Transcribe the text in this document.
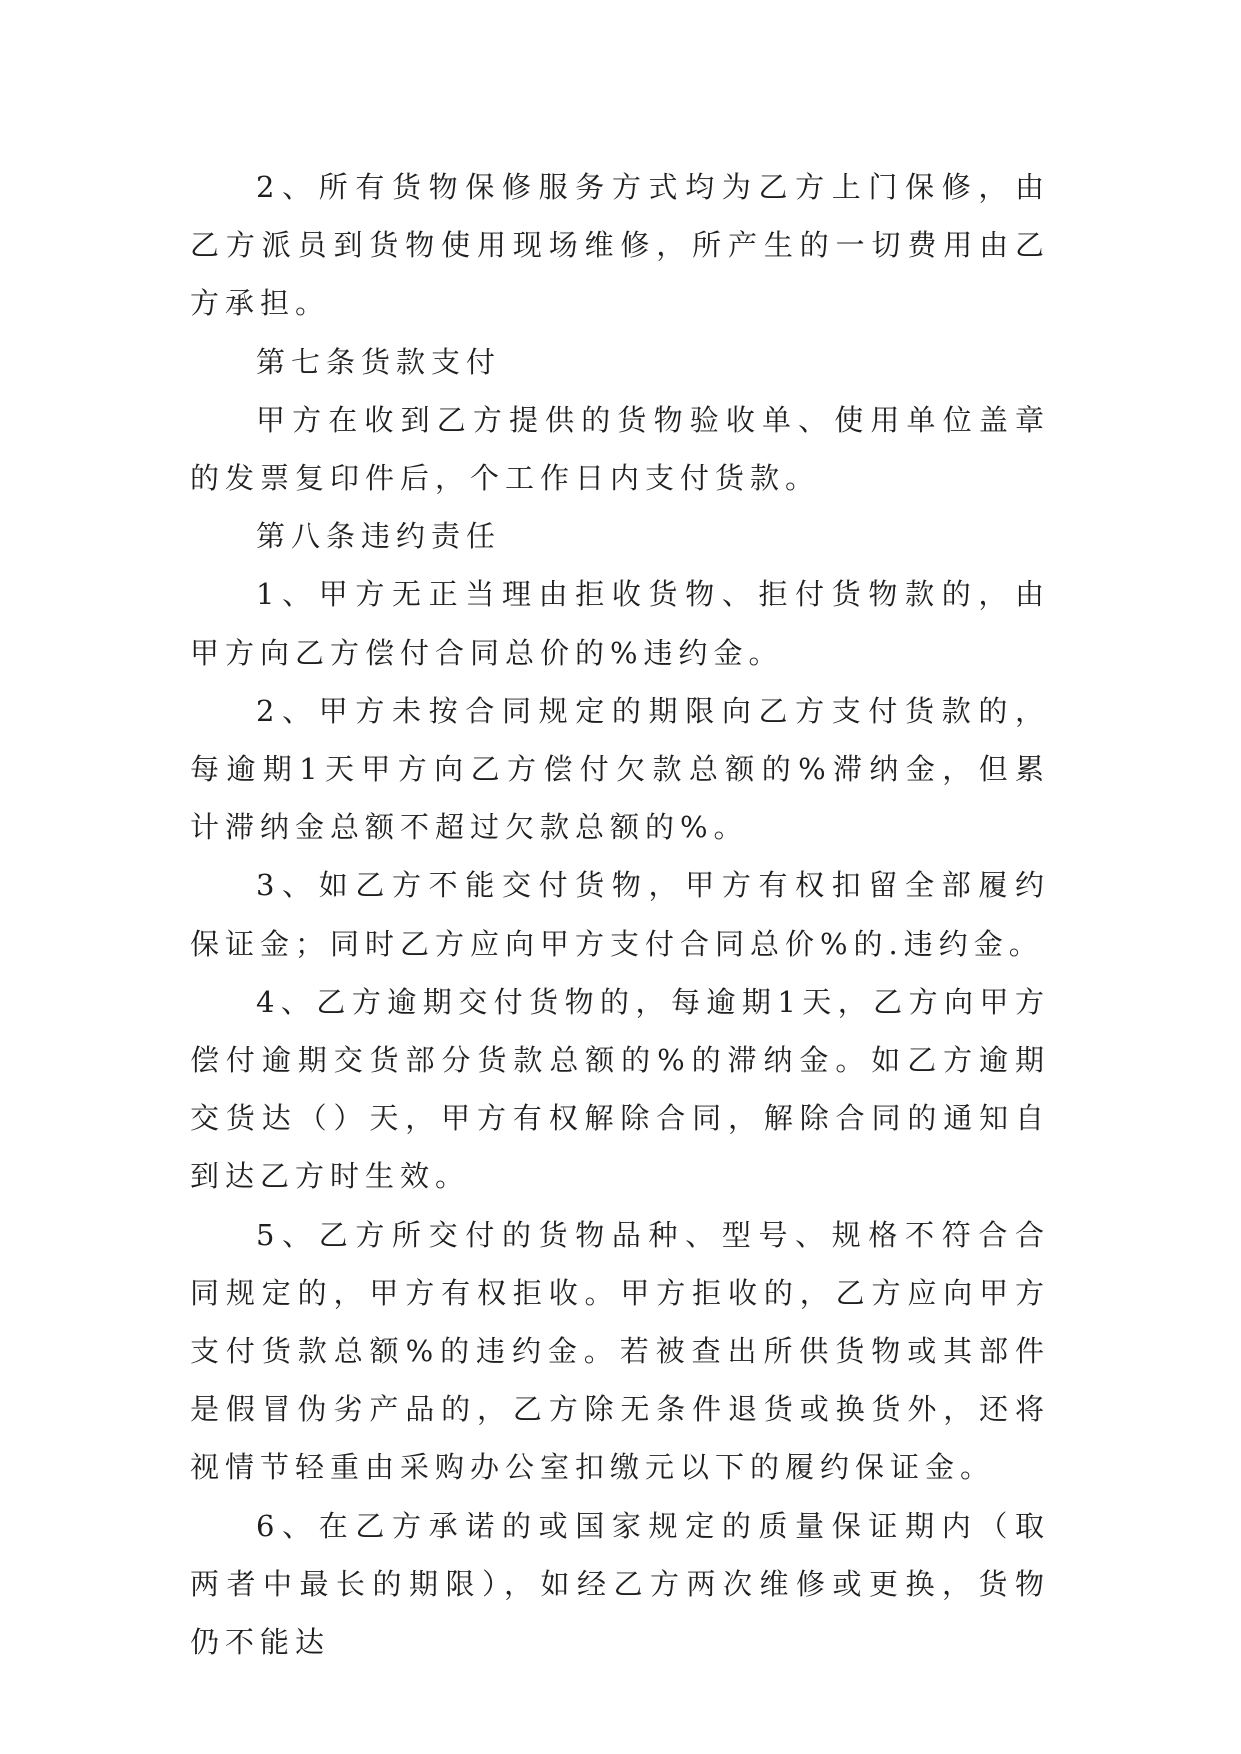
2、所有货物保修服务方式均为乙方上门保修，由乙方派员到货物使用现场维修，所产生的一切费用由乙方承担。

第七条货款支付

甲方在收到乙方提供的货物验收单、使用单位盖章的发票复印件后，个工作日内支付货款。

第八条违约责任

1、甲方无正当理由拒收货物、拒付货物款的，由甲方向乙方偿付合同总价的%违约金。

2、甲方未按合同规定的期限向乙方支付货款的，每逾期1天甲方向乙方偿付欠款总额的%滞纳金，但累计滞纳金总额不超过欠款总额的%。

3、如乙方不能交付货物，甲方有权扣留全部履约保证金；同时乙方应向甲方支付合同总价%的.违约金。

4、乙方逾期交付货物的，每逾期1天，乙方向甲方偿付逾期交货部分货款总额的%的滞纳金。如乙方逾期交货达（）天，甲方有权解除合同，解除合同的通知自到达乙方时生效。

5、乙方所交付的货物品种、型号、规格不符合合同规定的，甲方有权拒收。甲方拒收的，乙方应向甲方支付货款总额%的违约金。若被查出所供货物或其部件是假冒伪劣产品的，乙方除无条件退货或换货外，还将视情节轻重由采购办公室扣缴元以下的履约保证金。

6、在乙方承诺的或国家规定的质量保证期内（取两者中最长的期限），如经乙方两次维修或更换，货物仍不能达
